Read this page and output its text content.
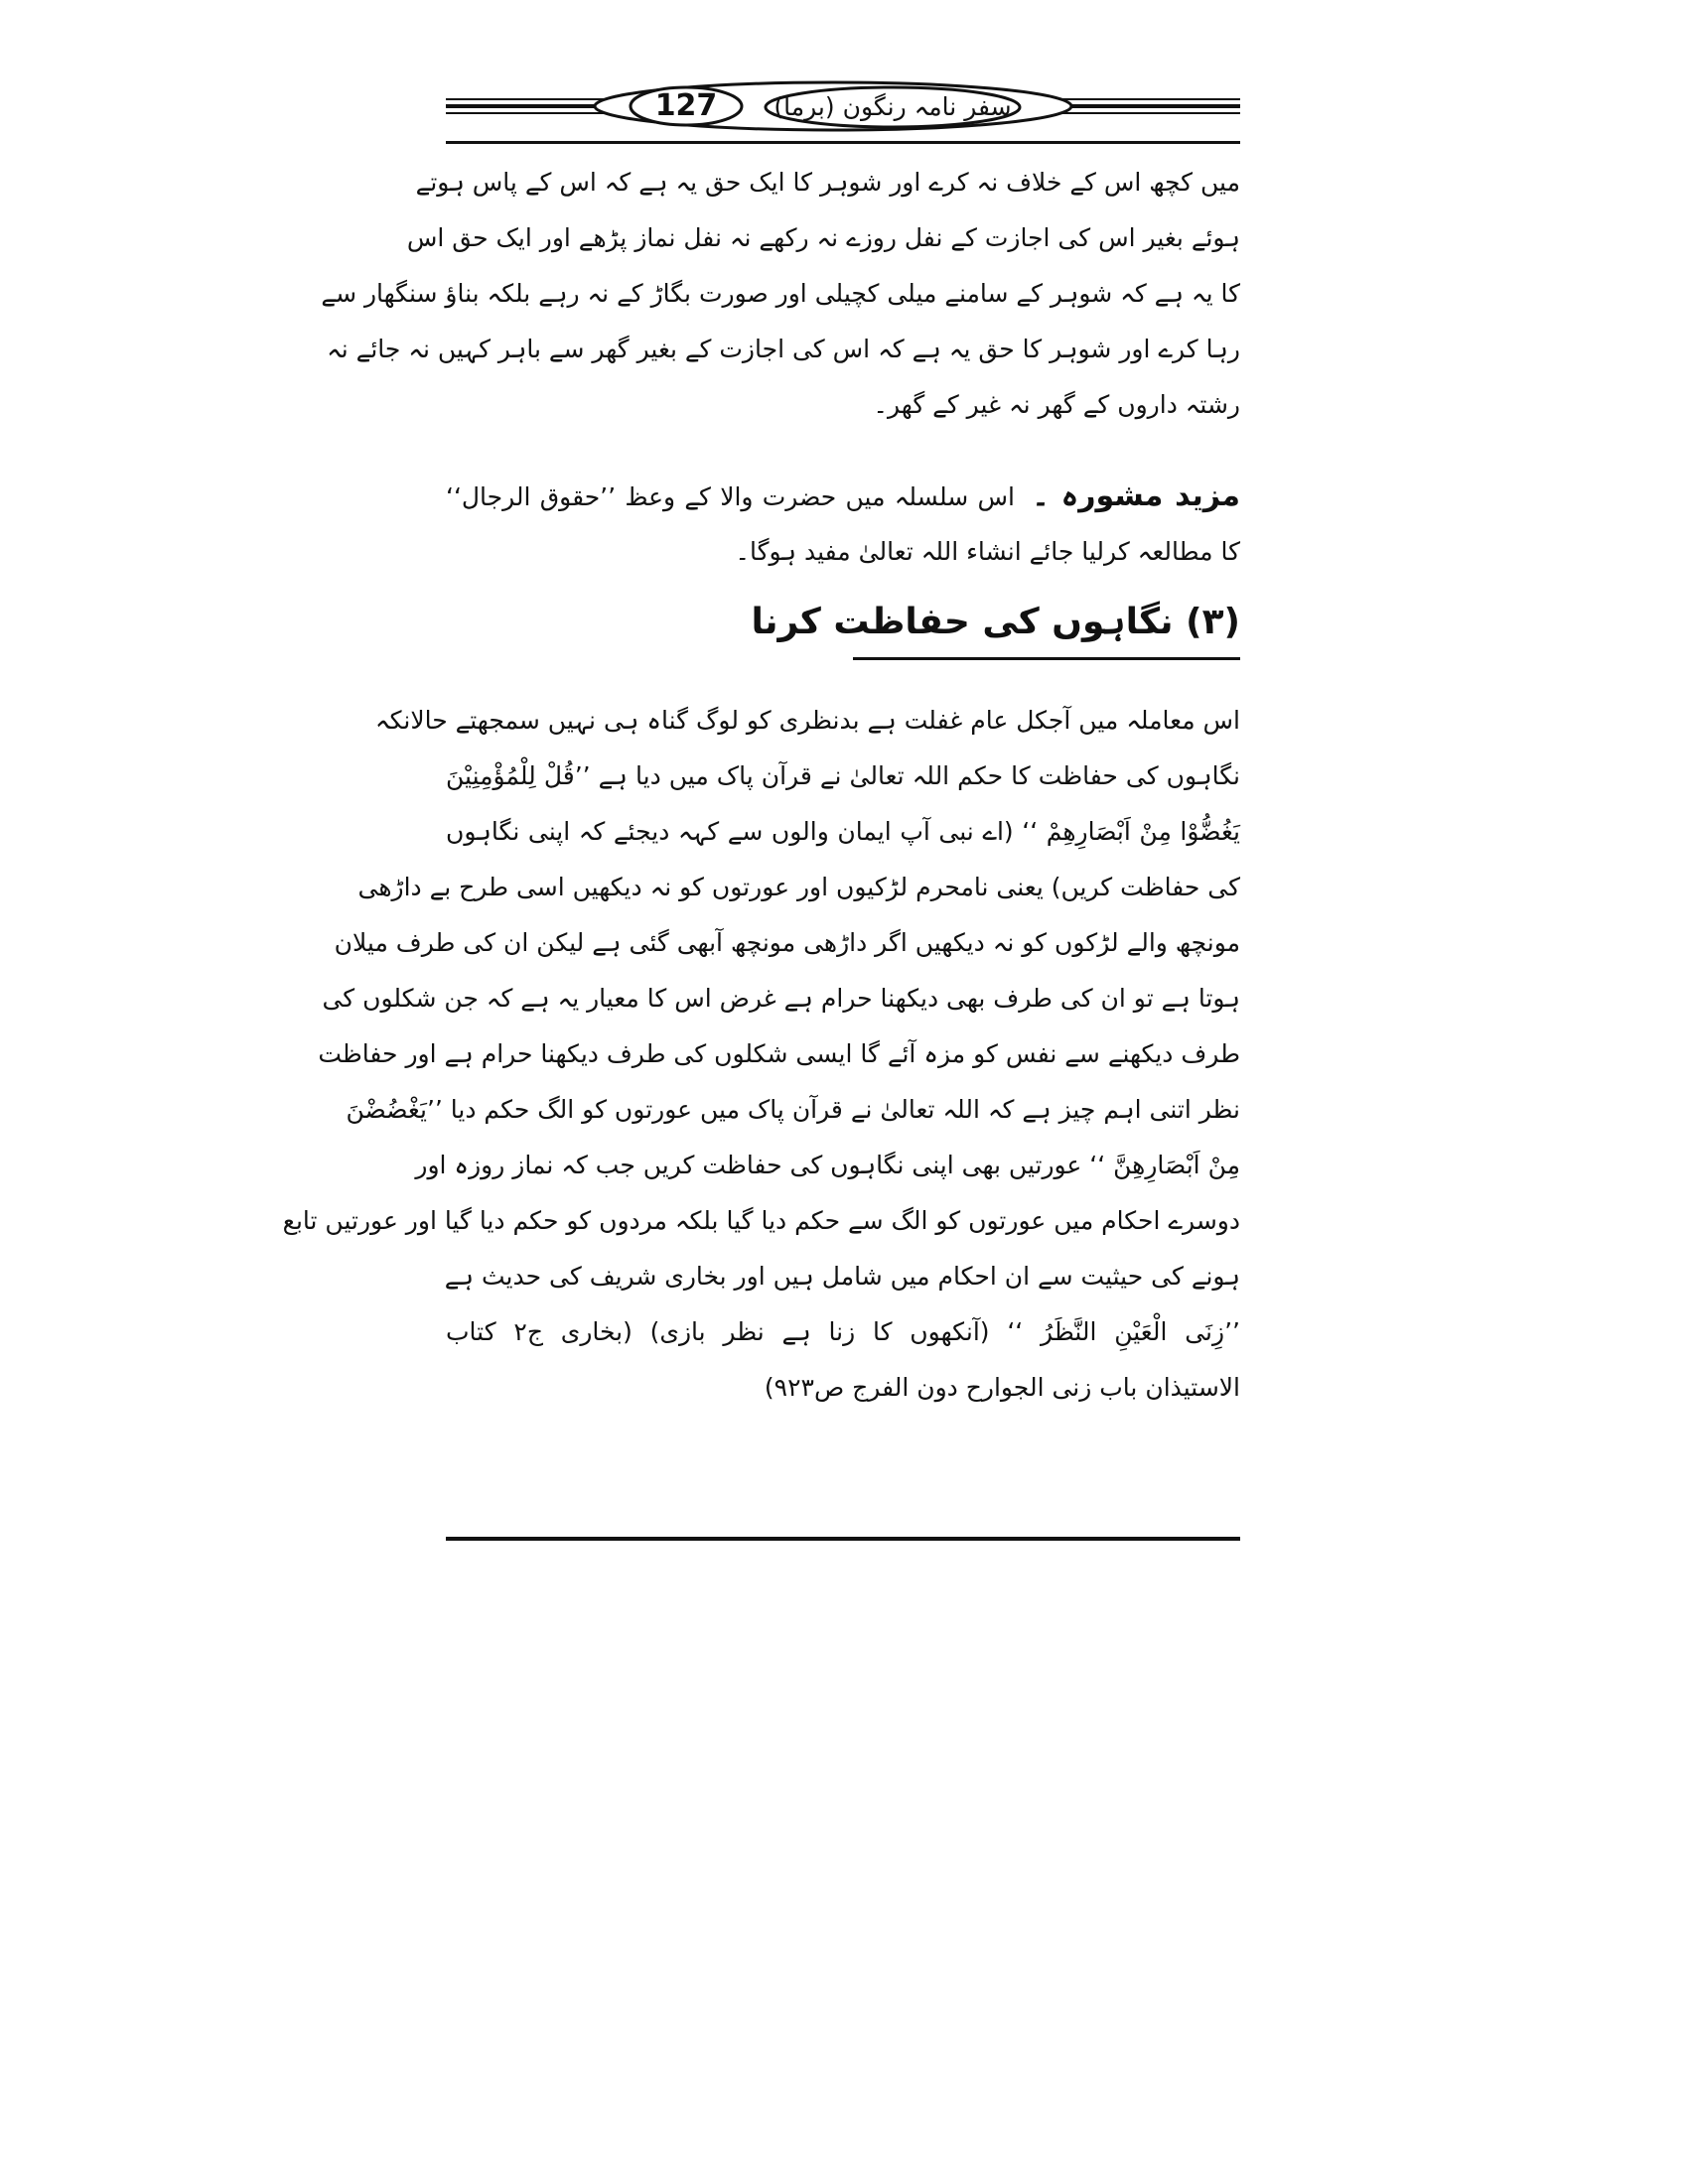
127	سفر نامہ رنگون (برما)
میں کچھ اس کے خلاف نہ کرے اور شوہر کا ایک حق یہ ہے کہ اس کے پاس ہوتے
ہوئے بغیر اس کی اجازت کے نفل روزے نہ رکھے نہ نفل نماز پڑھے اور ایک حق اس
کا یہ ہے کہ شوہر کے سامنے میلی کچیلی اور صورت بگاڑ کے نہ رہے بلکہ بناؤ سنگھار سے
رہا کرے اور شوہر کا حق یہ ہے کہ اس کی اجازت کے بغیر گھر سے باہر کہیں نہ جائے نہ
رشتہ داروں کے گھر نہ غیر کے گھر۔
مزید مشورہ ۔ اس سلسلہ میں حضرت والا کے وعظ ’’حقوق الرجال‘‘
کا مطالعہ کرلیا جائے انشاء اللہ تعالیٰ مفید ہوگا۔
(۳) نگاہوں کی حفاظت کرنا
اس معاملہ میں آجکل عام غفلت ہے بدنظری کو لوگ گناہ ہی نہیں سمجھتے حالانکہ
نگاہوں کی حفاظت کا حکم اللہ تعالیٰ نے قرآن پاک میں دیا ہے ’’قُلْ لِلْمُؤْمِنِيْنَ
يَغُضُّوْا مِنْ اَبْصَارِهِمْ ‘‘ (اے نبی آپ ایمان والوں سے کہہ دیجئے کہ اپنی نگاہوں
کی حفاظت کریں) یعنی نامحرم لڑکیوں اور عورتوں کو نہ دیکھیں اسی طرح بے داڑھی
مونچھ والے لڑکوں کو نہ دیکھیں اگر داڑھی مونچھ آبھی گئی ہے لیکن ان کی طرف میلان
ہوتا ہے تو ان کی طرف بھی دیکھنا حرام ہے غرض اس کا معیار یہ ہے کہ جن شکلوں کی
طرف دیکھنے سے نفس کو مزہ آئے گا ایسی شکلوں کی طرف دیکھنا حرام ہے اور حفاظت
نظر اتنی اہم چیز ہے کہ اللہ تعالیٰ نے قرآن پاک میں عورتوں کو الگ حکم دیا ’’يَغْضُضْنَ
مِنْ اَبْصَارِهِنَّ ‘‘ عورتیں بھی اپنی نگاہوں کی حفاظت کریں جب کہ نماز روزہ اور
دوسرے احکام میں عورتوں کو الگ سے حکم دیا گیا بلکہ مردوں کو حکم دیا گیا اور عورتیں تابع
ہونے کی حیثیت سے ان احکام میں شامل ہیں اور بخاری شریف کی حدیث ہے
’’زِنَى الْعَيْنِ النَّظَرُ ‘‘ (آنکھوں کا زنا ہے نظر بازی) (بخاری ج۲ کتاب
الاستیذان باب زنی الجوارح دون الفرج ص۹۲۳)
